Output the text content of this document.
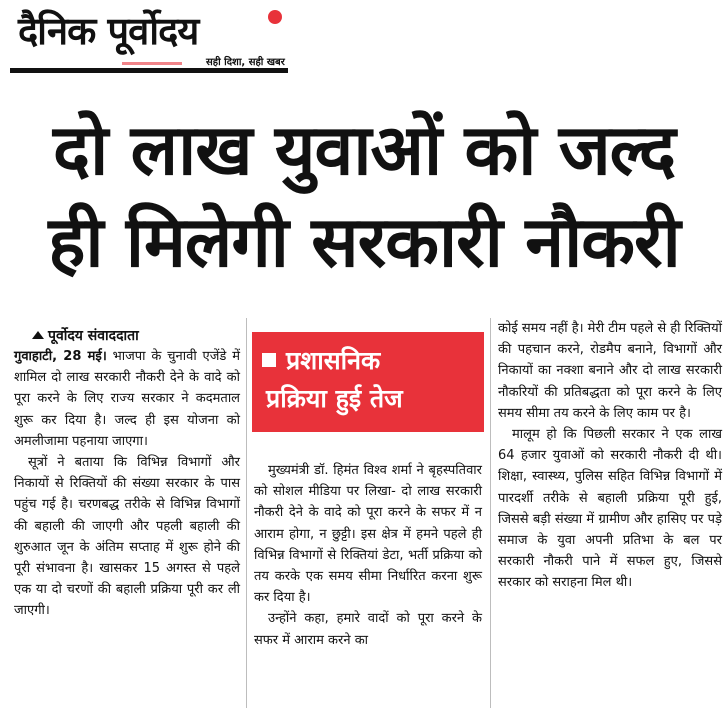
दैनिक पूर्वोदय
सही दिशा, सही खबर
दो लाख युवाओं को जल्द
ही मिलेगी सरकारी नौकरी
पूर्वोदय संवाददाता

गुवाहाटी, 28 मई। भाजपा के चुनावी एजेंडे में शामिल दो लाख सरकारी नौकरी देने के वादे को पूरा करने के लिए राज्य सरकार ने कदमताल शुरू कर दिया है। जल्द ही इस योजना को अमलीजामा पहनाया जाएगा।

सूत्रों ने बताया कि विभिन्न विभागों और निकायों से रिक्तियों की संख्या सरकार के पास पहुंच गई है। चरणबद्ध तरीके से विभिन्न विभागों की बहाली की जाएगी और पहली बहाली की शुरुआत जून के अंतिम सप्ताह में शुरू होने की पूरी संभावना है। खासकर 15 अगस्त से पहले एक या दो चरणों की बहाली प्रक्रिया पूरी कर ली जाएगी।

प्रशासनिक
प्रक्रिया हुई तेज

मुख्यमंत्री डॉ. हिमंत विश्व शर्मा ने बृहस्पतिवार को सोशल मीडिया पर लिखा- दो लाख सरकारी नौकरी देने के वादे को पूरा करने के सफर में न आराम होगा, न छुट्टी। इस क्षेत्र में हमने पहले ही विभिन्न विभागों से रिक्तियां डेटा, भर्ती प्रक्रिया को तय करके एक समय सीमा निर्धारित करना शुरू कर दिया है।

उन्होंने कहा, हमारे वादों को पूरा करने के सफर में आराम करने का

कोई समय नहीं है। मेरी टीम पहले से ही रिक्तियों की पहचान करने, रोडमैप बनाने, विभागों और निकायों का नक्शा बनाने और दो लाख सरकारी नौकरियों की प्रतिबद्धता को पूरा करने के लिए समय सीमा तय करने के लिए काम पर है।

मालूम हो कि पिछली सरकार ने एक लाख 64 हजार युवाओं को सरकारी नौकरी दी थी। शिक्षा, स्वास्थ्य, पुलिस सहित विभिन्न विभागों में पारदर्शी तरीके से बहाली प्रक्रिया पूरी हुई, जिससे बड़ी संख्या में ग्रामीण और हासिए पर पड़े समाज के युवा अपनी प्रतिभा के बल पर सरकारी नौकरी पाने में सफल हुए, जिससे सरकार को सराहना मिल थी।
